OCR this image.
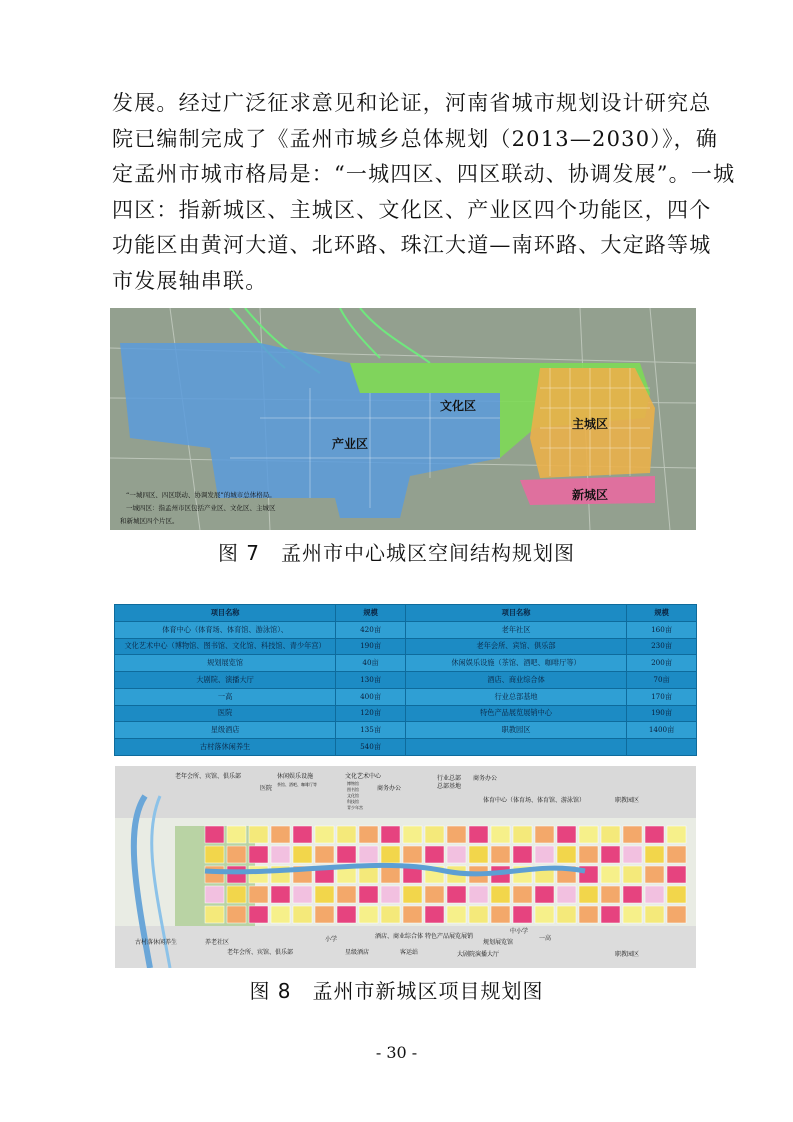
发展。经过广泛征求意见和论证，河南省城市规划设计研究总

院已编制完成了《孟州市城乡总体规划（2013—2030）》，确

定孟州市城市格局是：“一城四区、四区联动、协调发展”。一城

四区：指新城区、主城区、文化区、产业区四个功能区，四个

功能区由黄河大道、北环路、珠江大道—南环路、大定路等城

市发展轴串联。

产业区
文化区
主城区
新城区
“一城四区、四区联动、协调发展”的城市总体格局。
一城四区：指孟州市区包括产业区、文化区、主城区
和新城区四个片区。
图 7　孟州市中心城区空间结构规划图
项目名称	规模	项目名称	规模
体育中心（体育场、体育馆、游泳馆）、	420亩	老年社区	160亩
文化艺术中心（博物馆、图书馆、文化馆、科技馆、青少年宫）	190亩	老年会所、宾馆、俱乐部	230亩
规划展览馆	40亩	休闲娱乐设施（茶馆、酒吧、咖啡厅等）	200亩
大剧院、演播大厅	130亩	酒店、商业综合体	70亩
一高	400亩	行业总部基地	170亩
医院	120亩	特色产品展览展销中心	190亩
星级酒店	135亩	职教园区	1400亩
古村落休闲养生	540亩		
老年会所、宾馆、俱乐部	休闲娱乐设施
茶馆、酒吧、咖啡厅等
医院
文化艺术中心
博物馆
图书馆
文化馆
科技馆
青少年宫
商务办公
行业总部
总部基地
商务办公
体育中心（体育场、体育馆、游泳馆）	职教园区
古村落休闲养生	养老社区
老年会所、宾馆、俱乐部
小学
星级酒店
酒店、商业综合体
客运站
特色产品展览展销
规划展览馆
中小学
大剧院演播大厅
一高
职教园区
图 8　孟州市新城区项目规划图
- 30 -
